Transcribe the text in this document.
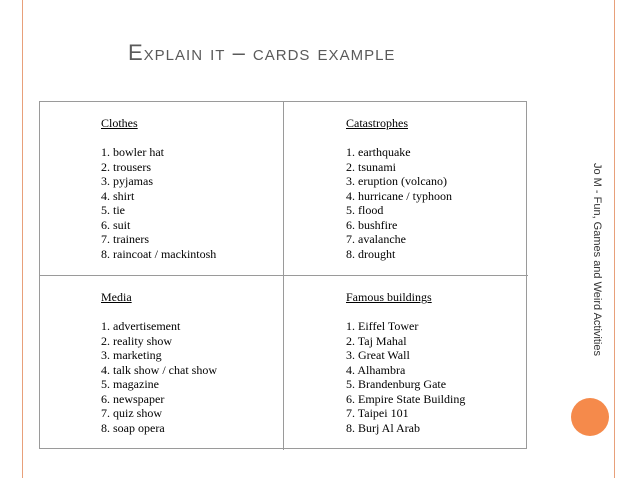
Explain it – cards example
Jo M - Fun, Games and Weird Activities
Clothes
1. bowler hat
2. trousers
3. pyjamas
4. shirt
5. tie
6. suit
7. trainers
8. raincoat / mackintosh
Catastrophes
1. earthquake
2. tsunami
3. eruption (volcano)
4. hurricane / typhoon
5. flood
6. bushfire
7. avalanche
8. drought
Media
1. advertisement
2. reality show
3. marketing
4. talk show / chat show
5. magazine
6. newspaper
7. quiz show
8. soap opera
Famous buildings
1. Eiffel Tower
2. Taj Mahal
3. Great Wall
4. Alhambra
5. Brandenburg Gate
6. Empire State Building
7. Taipei 101
8. Burj Al Arab
